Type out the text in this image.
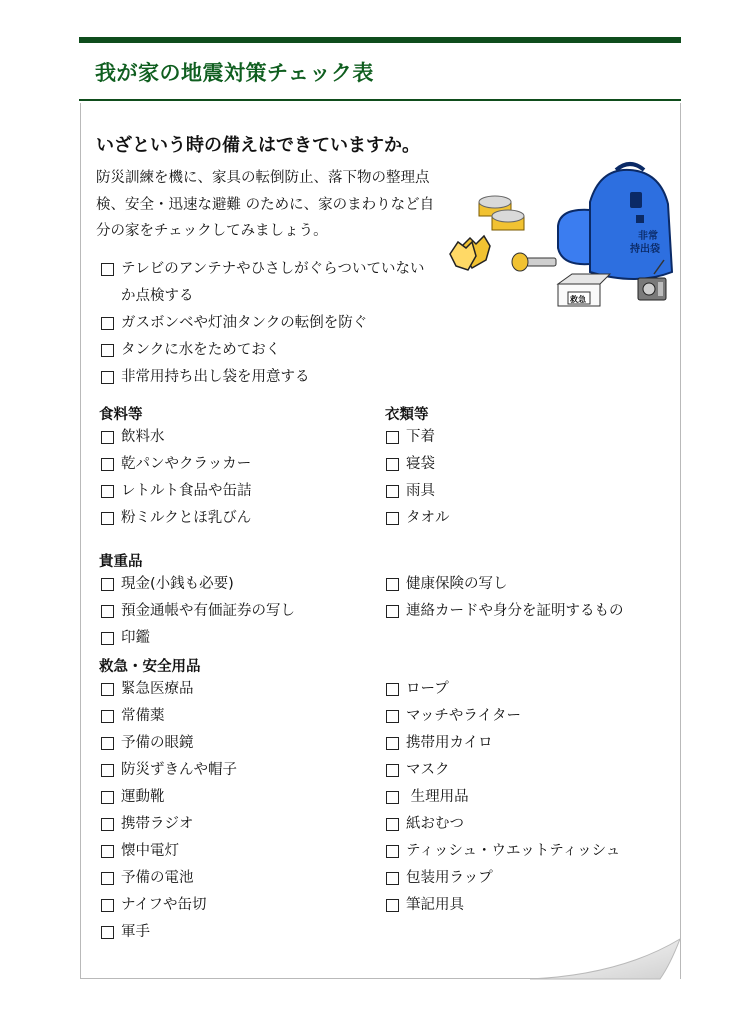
我が家の地震対策チェック表
いざという時の備えはできていますか。
防災訓練を機に、家具の転倒防止、落下物の整理点検、安全・迅速な避難 のために、家のまわりなど自分の家をチェックしてみましょう。	非常
持出袋
救急
テレビのアンテナやひさしがぐらついていないか点検する
ガスボンベや灯油タンクの転倒を防ぐ
タンクに水をためておく
非常用持ち出し袋を用意する
食料等
飲料水
乾パンやクラッカー
レトルト食品や缶詰
粉ミルクとほ乳びん
衣類等
下着
寝袋
雨具
タオル
貴重品
現金(小銭も必要)
預金通帳や有価証券の写し
印鑑
健康保険の写し
連絡カードや身分を証明するもの
救急・安全用品
緊急医療品
常備薬
予備の眼鏡
防災ずきんや帽子
運動靴
携帯ラジオ
懐中電灯
予備の電池
ナイフや缶切
軍手
ロープ
マッチやライター
携帯用カイロ
マスク
生理用品
紙おむつ
ティッシュ・ウエットティッシュ
包装用ラップ
筆記用具
